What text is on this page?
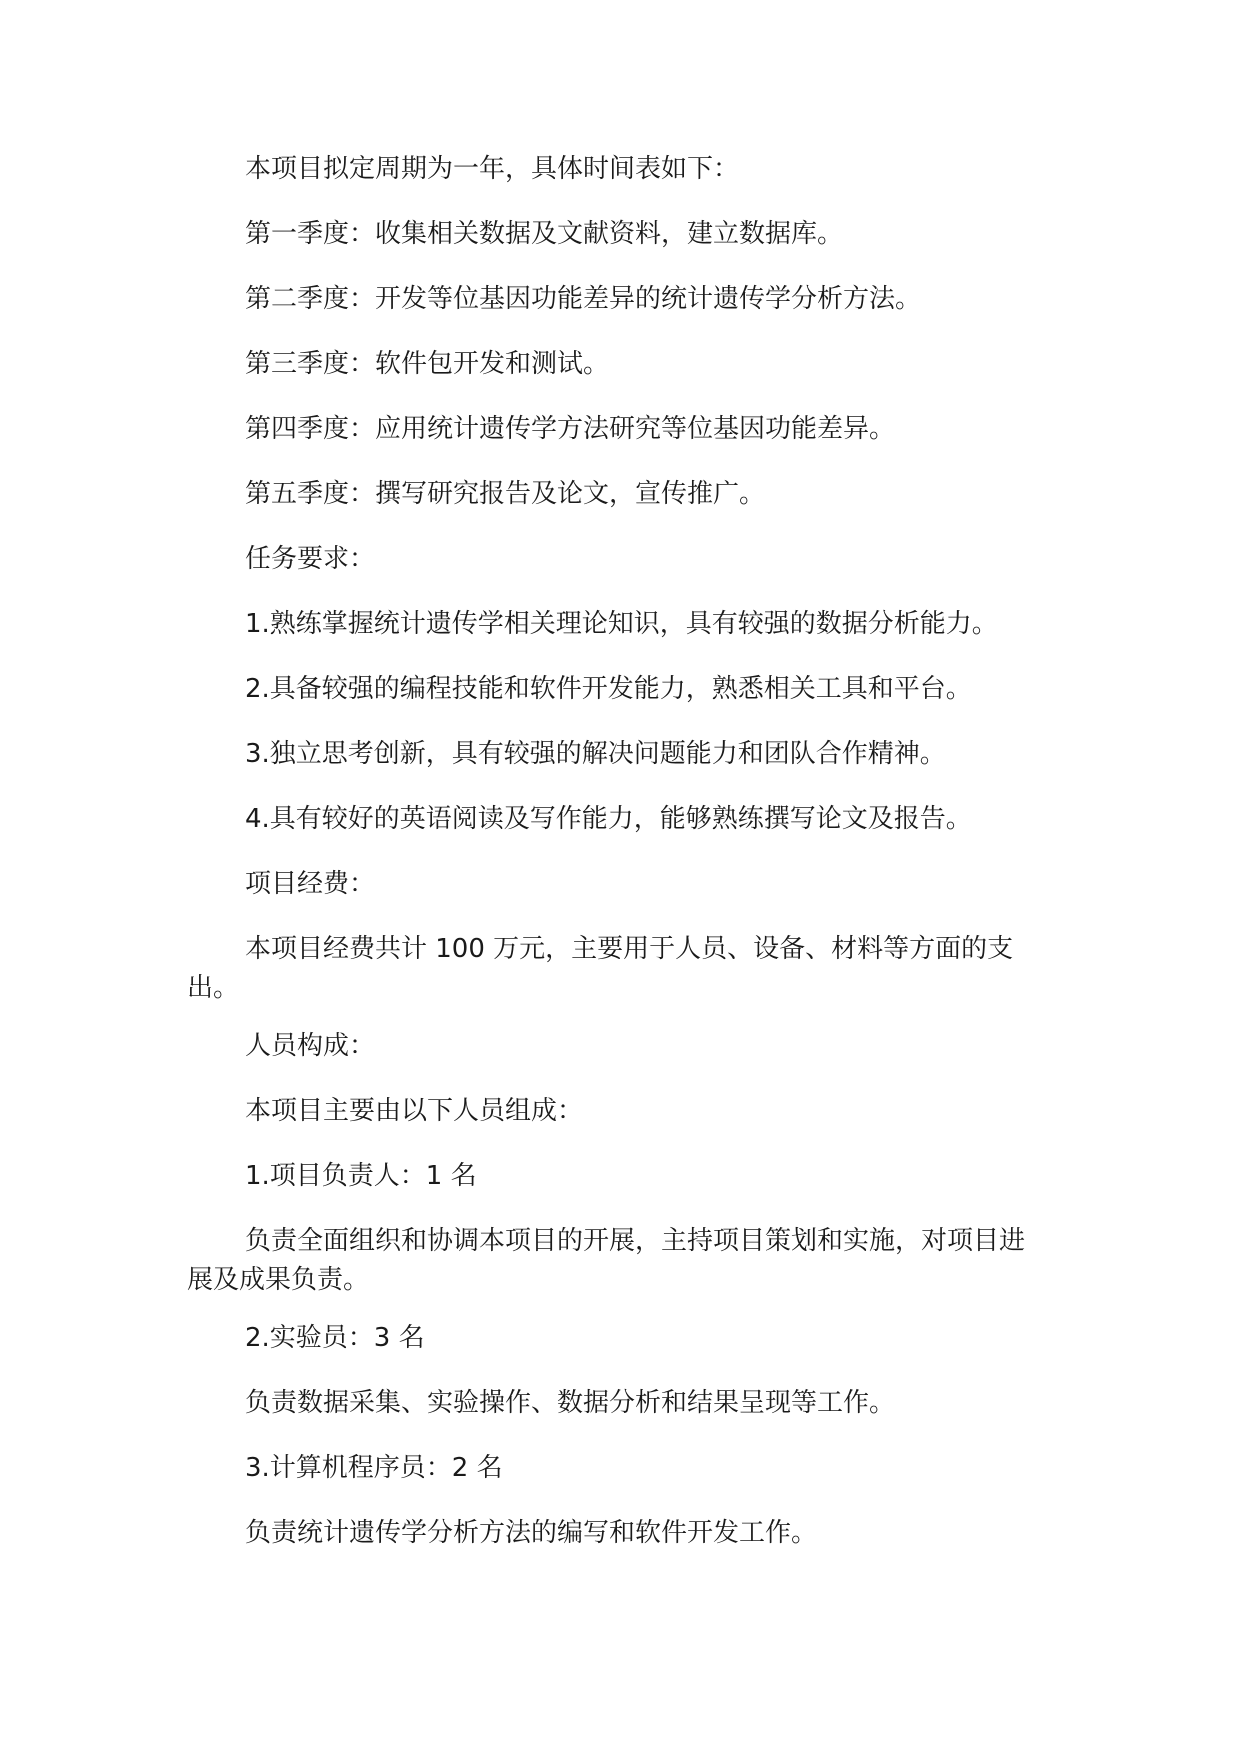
本项目拟定周期为一年，具体时间表如下：

第一季度：收集相关数据及文献资料，建立数据库。

第二季度：开发等位基因功能差异的统计遗传学分析方法。

第三季度：软件包开发和测试。

第四季度：应用统计遗传学方法研究等位基因功能差异。

第五季度：撰写研究报告及论文，宣传推广。

任务要求：

1.熟练掌握统计遗传学相关理论知识，具有较强的数据分析能力。

2.具备较强的编程技能和软件开发能力，熟悉相关工具和平台。

3.独立思考创新，具有较强的解决问题能力和团队合作精神。

4.具有较好的英语阅读及写作能力，能够熟练撰写论文及报告。

项目经费：

本项目经费共计 100 万元，主要用于人员、设备、材料等方面的支出。

人员构成：

本项目主要由以下人员组成：

1.项目负责人：1 名

负责全面组织和协调本项目的开展，主持项目策划和实施，对项目进展及成果负责。

2.实验员：3 名

负责数据采集、实验操作、数据分析和结果呈现等工作。

3.计算机程序员：2 名

负责统计遗传学分析方法的编写和软件开发工作。
